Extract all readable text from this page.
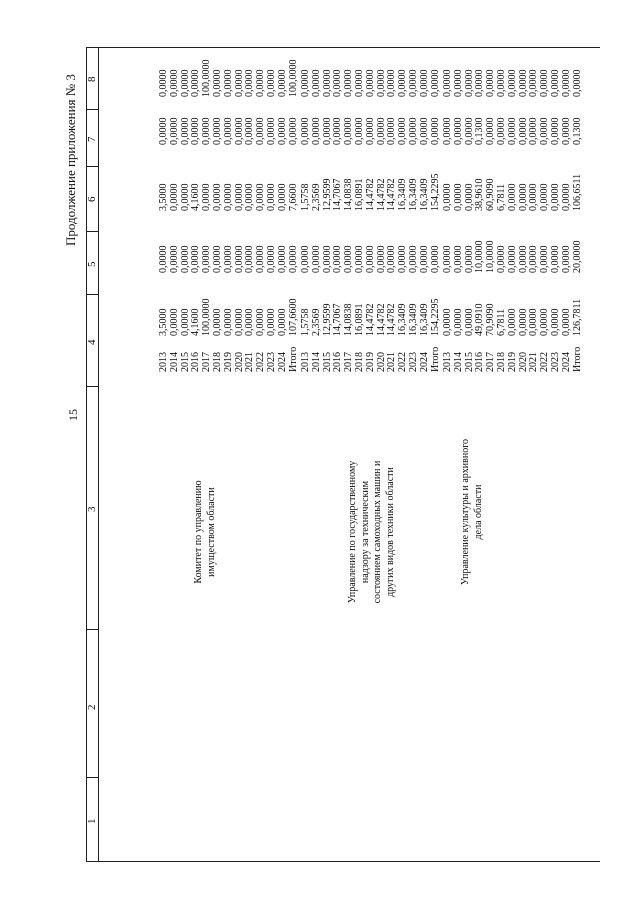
15
Продолжение приложения № 3
1
2
3
4
5
6
7
8
Комитет по управлению имуществом области
2013 2014 2015 2016 2017 2018 2019 2020 2021 2022 2023 2024 Итого
3,5000 0,0000 0,0000 4,1600 100,0000 0,0000 0,0000 0,0000 0,0000 0,0000 0,0000 0,0000 107,6600
0,0000 0,0000 0,0000 0,0000 0,0000 0,0000 0,0000 0,0000 0,0000 0,0000 0,0000 0,0000 0,0000
3,5000 0,0000 0,0000 4,1600 0,0000 0,0000 0,0000 0,0000 0,0000 0,0000 0,0000 0,0000 7,6600
0,0000 0,0000 0,0000 0,0000 0,0000 0,0000 0,0000 0,0000 0,0000 0,0000 0,0000 0,0000 0,0000
0,0000 0,0000 0,0000 0,0000 100,0000 0,0000 0,0000 0,0000 0,0000 0,0000 0,0000 0,0000 100,0000
Управление по государственному надзору за техническим состоянием самоходных машин и других видов техники области
2013 2014 2015 2016 2017 2018 2019 2020 2021 2022 2023 2024 Итого
1,5758 2,3569 12,9599 14,7067 14,0838 16,0891 14,4782 14,4782 14,4782 16,3409 16,3409 16,3409 154,2295
0,0000 0,0000 0,0000 0,0000 0,0000 0,0000 0,0000 0,0000 0,0000 0,0000 0,0000 0,0000 0,0000
1,5758 2,3569 12,9599 14,7067 14,0838 16,0891 14,4782 14,4782 14,4782 16,3409 16,3409 16,3409 154,2295
0,0000 0,0000 0,0000 0,0000 0,0000 0,0000 0,0000 0,0000 0,0000 0,0000 0,0000 0,0000 0,0000
0,0000 0,0000 0,0000 0,0000 0,0000 0,0000 0,0000 0,0000 0,0000 0,0000 0,0000 0,0000 0,0000
Управление культуры и архивного дела области
2013 2014 2015 2016 2017 2018 2019 2020 2021 2022 2023 2024 Итого
0,0000 0,0000 0,0000 49,0910 70,9090 6,7811 0,0000 0,0000 0,0000 0,0000 0,0000 0,0000 126,7811
0,0000 0,0000 0,0000 10,0000 10,0000 0,0000 0,0000 0,0000 0,0000 0,0000 0,0000 0,0000 20,0000
0,0000 0,0000 0,0000 38,9610 60,9090 6,7811 0,0000 0,0000 0,0000 0,0000 0,0000 0,0000 106,6511
0,0000 0,0000 0,0000 0,1300 0,0000 0,0000 0,0000 0,0000 0,0000 0,0000 0,0000 0,0000 0,1300
0,0000 0,0000 0,0000 0,0000 0,0000 0,0000 0,0000 0,0000 0,0000 0,0000 0,0000 0,0000 0,0000
